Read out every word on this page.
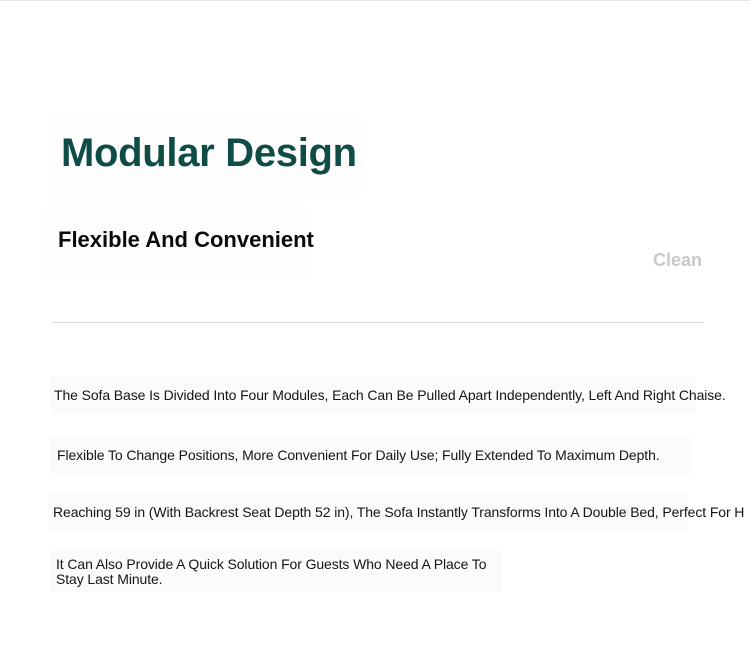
Modular Design
Flexible And Convenient
Clean

The Sofa Base Is Divided Into Four Modules, Each Can Be Pulled Apart Independently, Left And Right Chaise.

Flexible To Change Positions, More Convenient For Daily Use; Fully Extended To Maximum Depth.

Reaching 59 in (With Backrest Seat Depth 52 in), The Sofa Instantly Transforms Into A Double Bed, Perfect For H

It Can Also Provide A Quick Solution For Guests Who Need A Place To Stay Last Minute.
